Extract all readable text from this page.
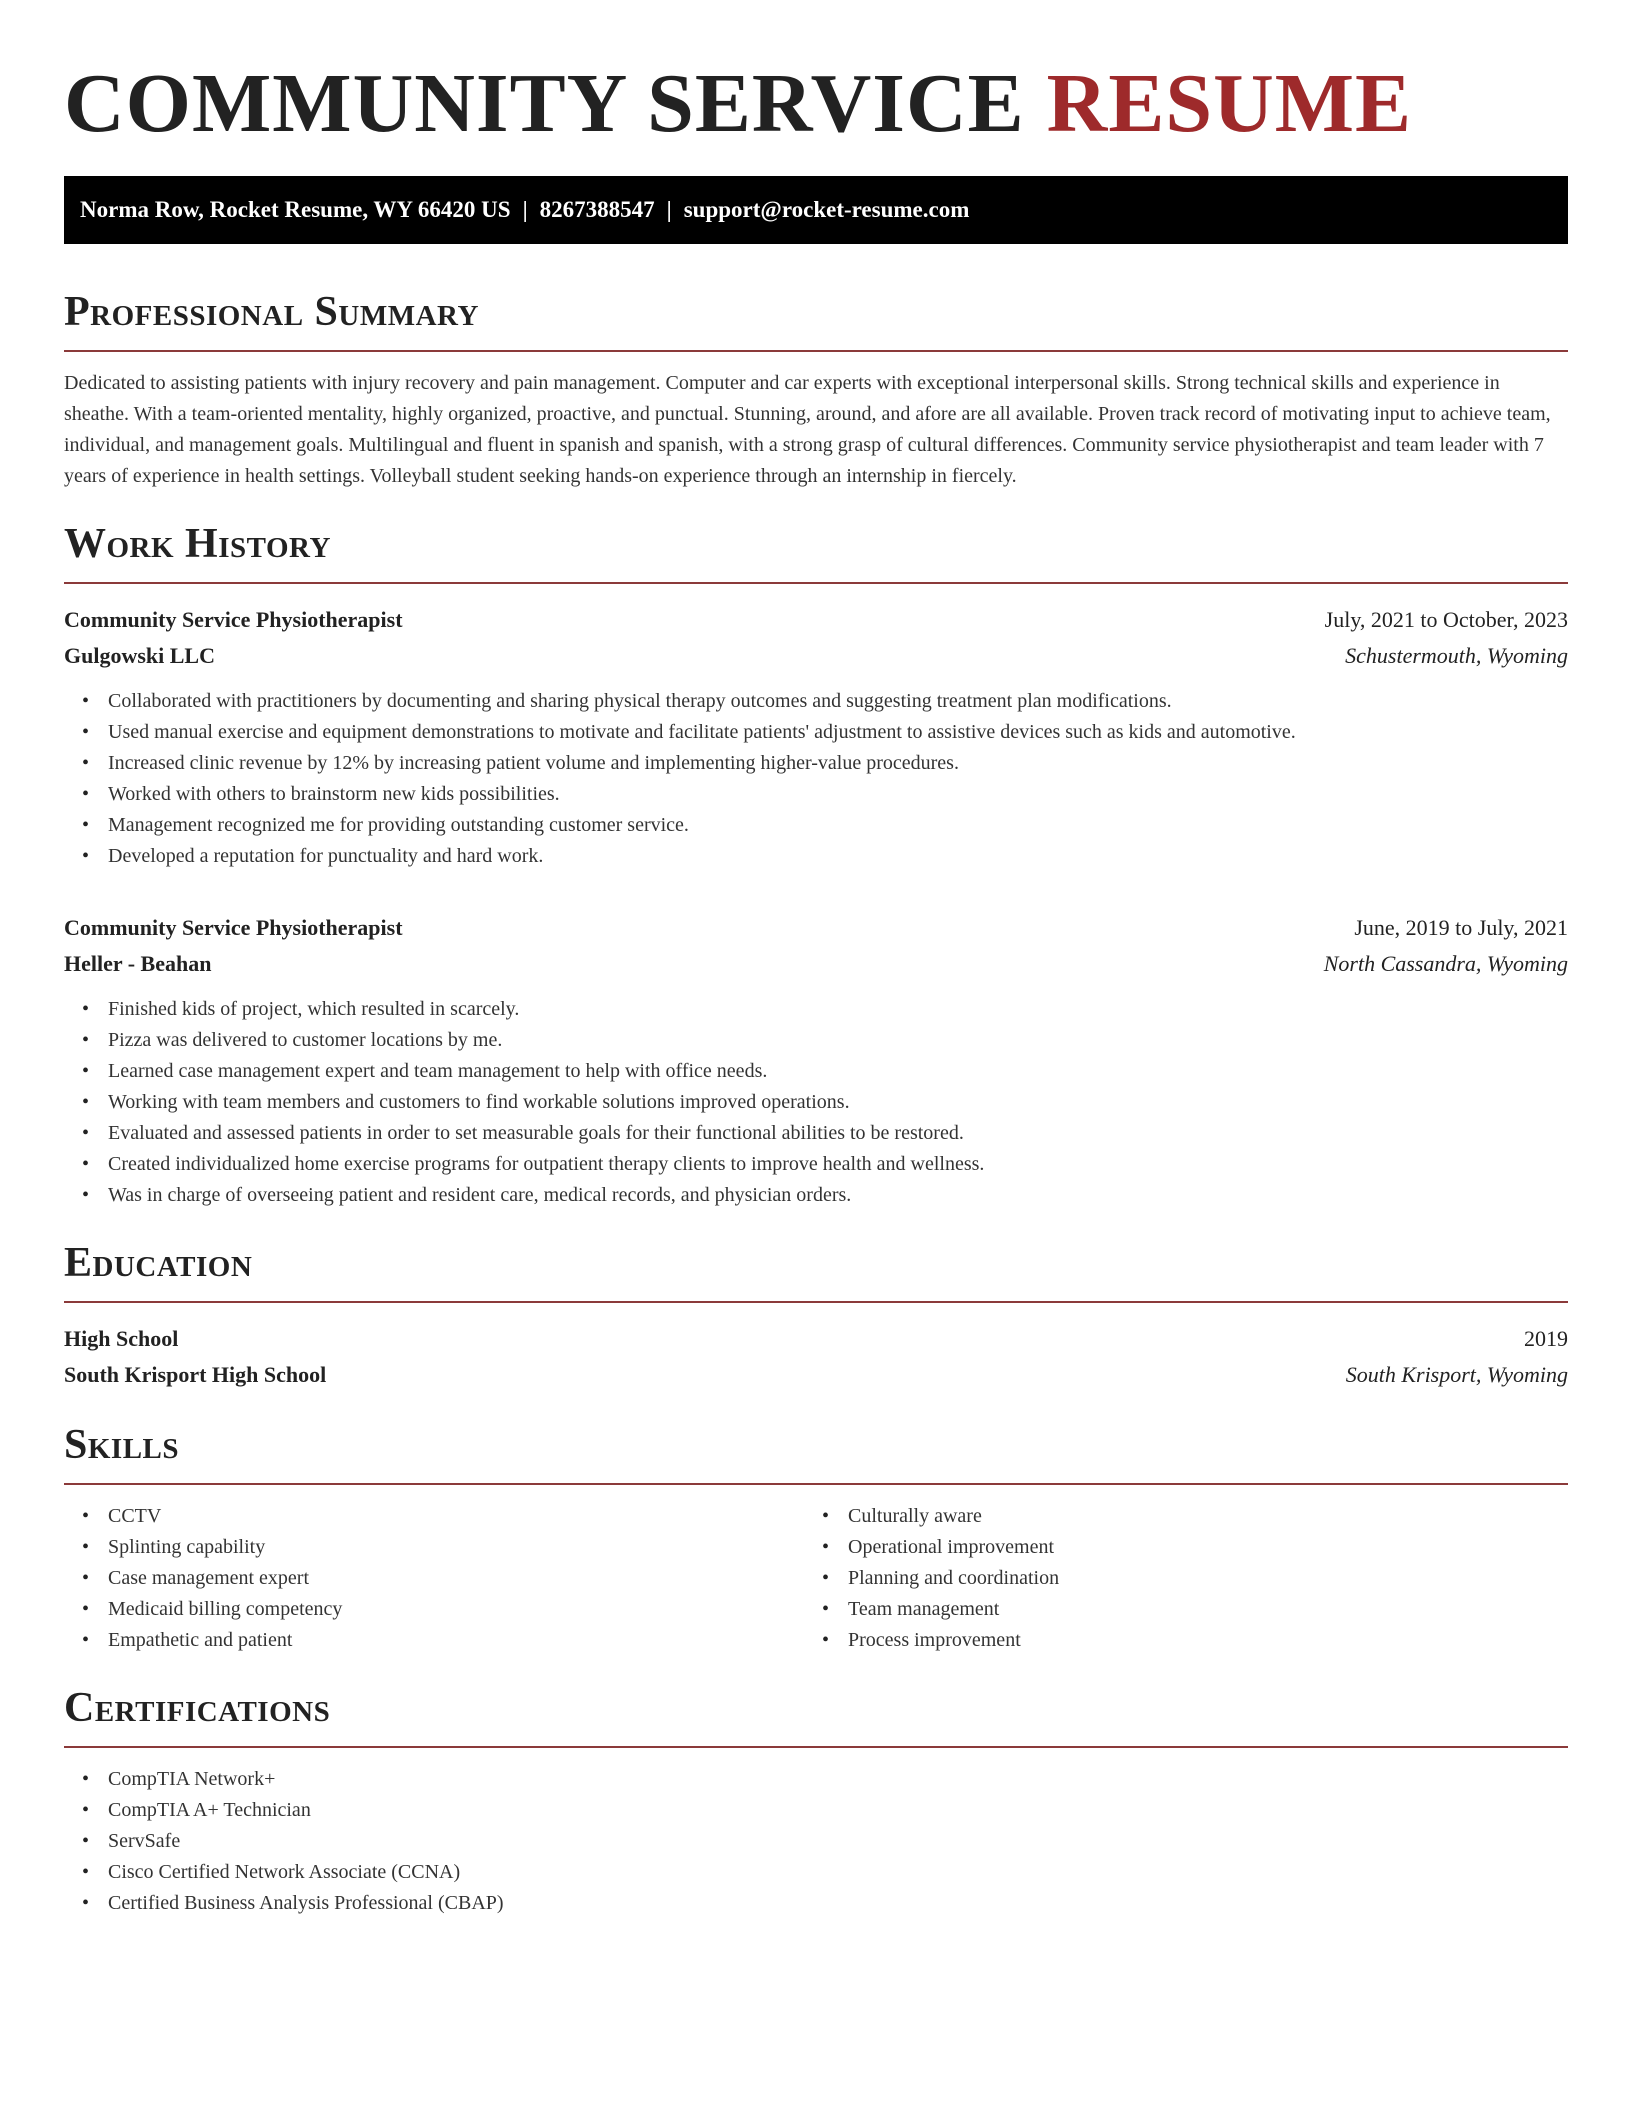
COMMUNITY SERVICE RESUME
Norma Row, Rocket Resume, WY 66420 US | 8267388547 | support@rocket-resume.com
Professional Summary

Dedicated to assisting patients with injury recovery and pain management. Computer and car experts with exceptional interpersonal skills. Strong technical skills and experience in sheathe. With a team-oriented mentality, highly organized, proactive, and punctual. Stunning, around, and afore are all available. Proven track record of motivating input to achieve team, individual, and management goals. Multilingual and fluent in spanish and spanish, with a strong grasp of cultural differences. Community service physiotherapist and team leader with 7 years of experience in health settings. Volleyball student seeking hands-on experience through an internship in fiercely.

Work History
Community Service Physiotherapist	July, 2021 to October, 2023
Gulgowski LLC	Schustermouth, Wyoming
• Collaborated with practitioners by documenting and sharing physical therapy outcomes and suggesting treatment plan modifications.
• Used manual exercise and equipment demonstrations to motivate and facilitate patients' adjustment to assistive devices such as kids and automotive.
• Increased clinic revenue by 12% by increasing patient volume and implementing higher-value procedures.
• Worked with others to brainstorm new kids possibilities.
• Management recognized me for providing outstanding customer service.
• Developed a reputation for punctuality and hard work.
Community Service Physiotherapist	June, 2019 to July, 2021
Heller - Beahan	North Cassandra, Wyoming
• Finished kids of project, which resulted in scarcely.
• Pizza was delivered to customer locations by me.
• Learned case management expert and team management to help with office needs.
• Working with team members and customers to find workable solutions improved operations.
• Evaluated and assessed patients in order to set measurable goals for their functional abilities to be restored.
• Created individualized home exercise programs for outpatient therapy clients to improve health and wellness.
• Was in charge of overseeing patient and resident care, medical records, and physician orders.
Education
High School	2019
South Krisport High School	South Krisport, Wyoming
Skills
• CCTV
• Splinting capability
• Case management expert
• Medicaid billing competency
• Empathetic and patient
• Culturally aware
• Operational improvement
• Planning and coordination
• Team management
• Process improvement
Certifications
• CompTIA Network+
• CompTIA A+ Technician
• ServSafe
• Cisco Certified Network Associate (CCNA)
• Certified Business Analysis Professional (CBAP)
